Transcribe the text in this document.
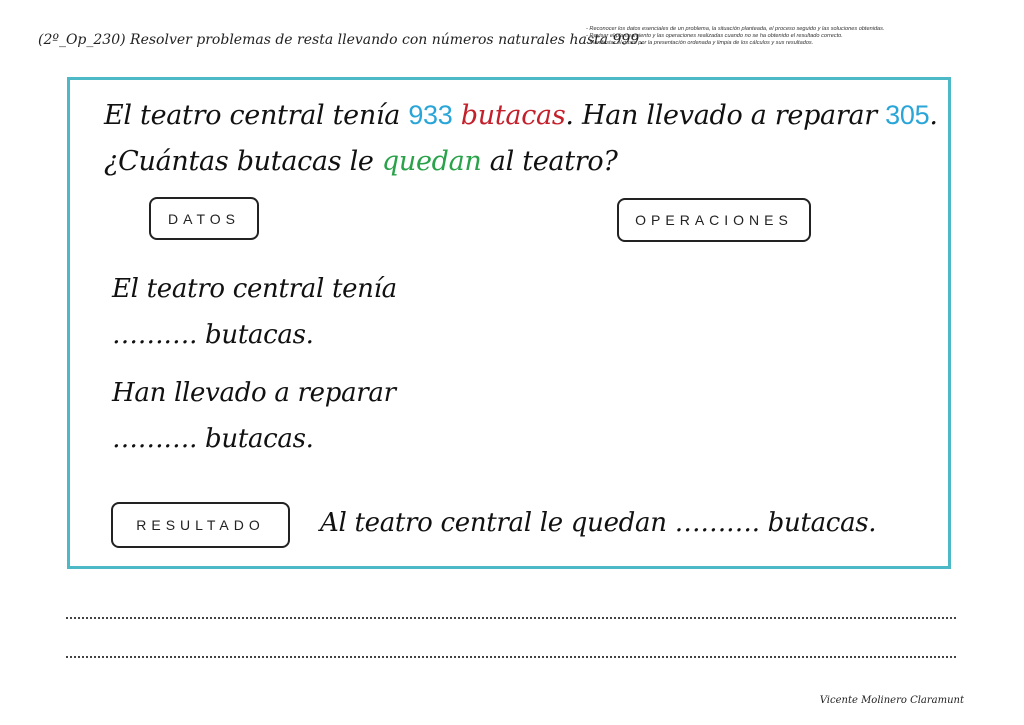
(2º_Op_230) Resolver problemas de resta llevando con números naturales hasta 999.
- Reconocer los datos esenciales de un problema, la situación planteada, el proceso seguido y las soluciones obtenidas.
- Revisar el planteamiento y las operaciones realizadas cuando no se ha obtenido el resultado correcto.
- Manifestar el gusto por la presentación ordenada y limpia de los cálculos y sus resultados.
El teatro central tenía 933 butacas. Han llevado a reparar 305.
¿Cuántas butacas le quedan al teatro?
DATOS	OPERACIONES
El teatro central tenía
………. butacas.
Han llevado a reparar
………. butacas.
RESULTADO	Al teatro central le quedan ………. butacas.
Vicente Molinero Claramunt
